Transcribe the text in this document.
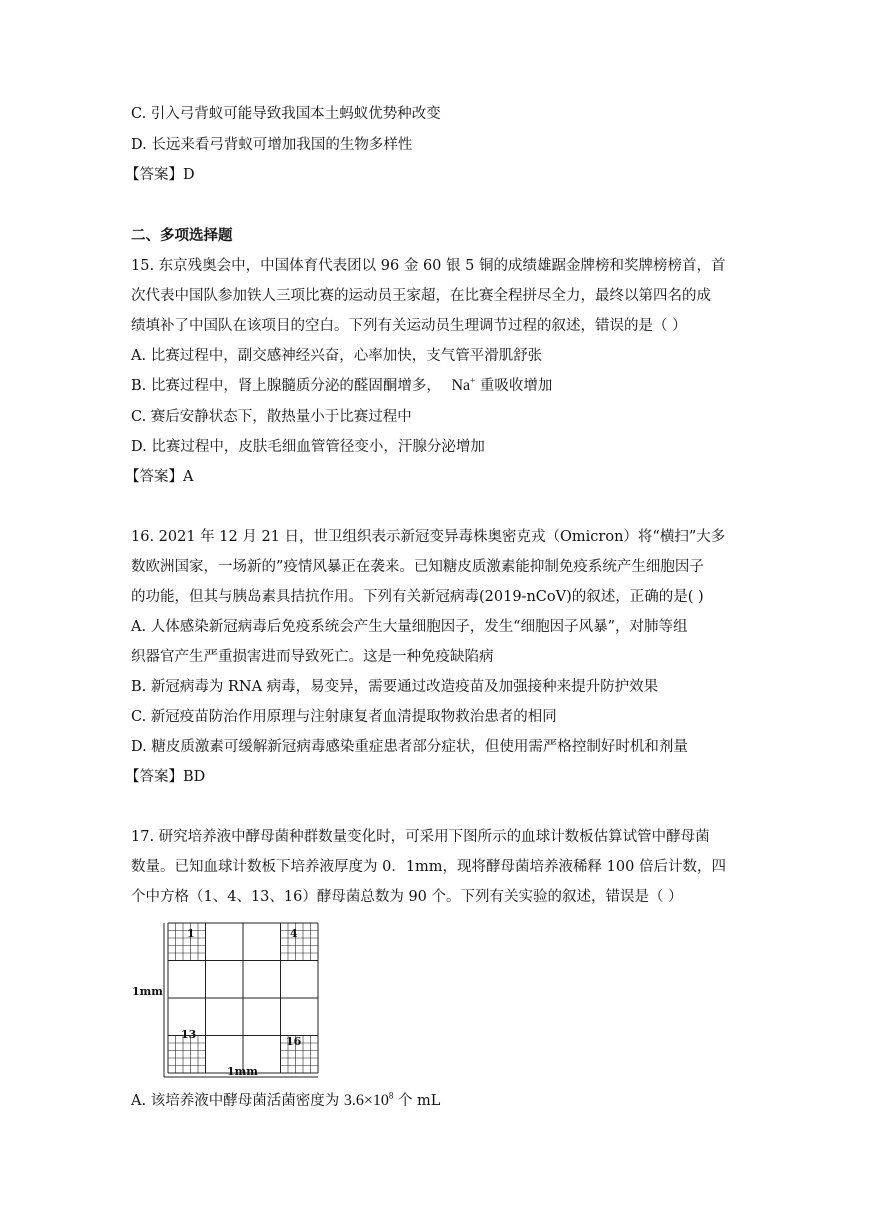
C. 引入弓背蚁可能导致我国本土蚂蚁优势种改变
D. 长远来看弓背蚁可增加我国的生物多样性
【答案】D
二、多项选择题
15. 东京残奥会中，中国体育代表团以 96 金 60 银 5 铜的成绩雄踞金牌榜和奖牌榜榜首，首
次代表中国队参加铁人三项比赛的运动员王家超，在比赛全程拼尽全力，最终以第四名的成
绩填补了中国队在该项目的空白。下列有关运动员生理调节过程的叙述，错误的是（ ）
A. 比赛过程中，副交感神经兴奋，心率加快，支气管平滑肌舒张
B. 比赛过程中，肾上腺髓质分泌的醛固酮增多， Na+ 重吸收增加
C. 赛后安静状态下，散热量小于比赛过程中
D. 比赛过程中，皮肤毛细血管管径变小，汗腺分泌增加
【答案】A
16. 2021 年 12 月 21 日，世卫组织表示新冠变异毒株奥密克戎（Omicron）将“横扫”大多
数欧洲国家，一场新的”疫情风暴正在袭来。已知糖皮质激素能抑制免疫系统产生细胞因子
的功能，但其与胰岛素具拮抗作用。下列有关新冠病毒(2019-nCoV)的叙述，正确的是( )
A. 人体感染新冠病毒后免疫系统会产生大量细胞因子，发生“细胞因子风暴”，对肺等组
织器官产生严重损害进而导致死亡。这是一种免疫缺陷病
B. 新冠病毒为 RNA 病毒，易变异，需要通过改造疫苗及加强接种来提升防护效果
C. 新冠疫苗防治作用原理与注射康复者血清提取物救治患者的相同
D. 糖皮质激素可缓解新冠病毒感染重症患者部分症状，但使用需严格控制好时机和剂量
【答案】BD
17. 研究培养液中酵母菌种群数量变化时，可采用下图所示的血球计数板估算试管中酵母菌
数量。已知血球计数板下培养液厚度为 0．1mm，现将酵母菌培养液稀释 100 倍后计数，四
个中方格（1、4、13、16）酵母菌总数为 90 个。下列有关实验的叙述，错误是（ ）
1	4
13
16
1mm
1mm
A. 该培养液中酵母菌活菌密度为 $3.6\times 10^8$ 个 mL
